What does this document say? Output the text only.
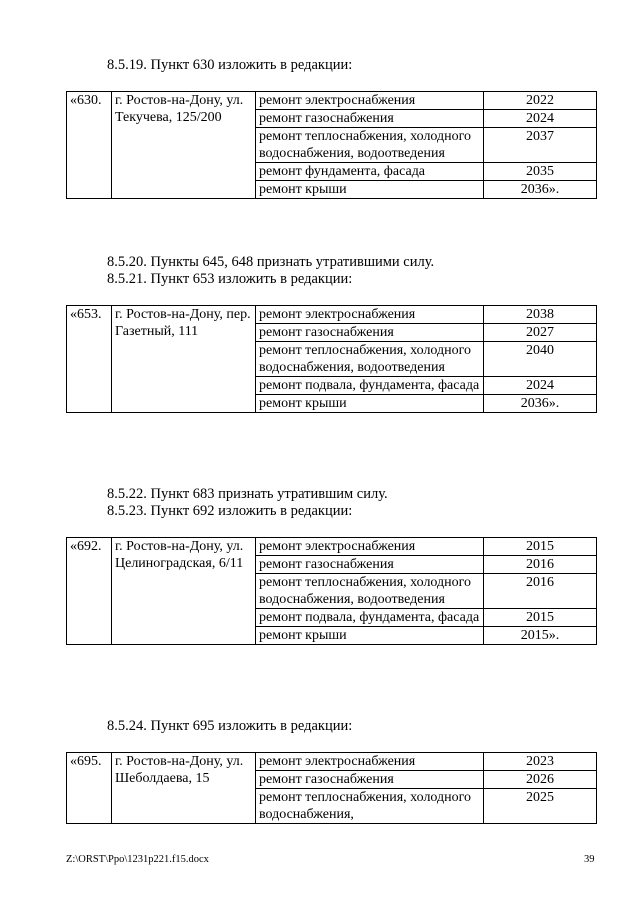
8.5.19. Пункт 630 изложить в редакции:
«630.	г. Ростов-на-Дону, ул. Текучева, 125/200	ремонт электроснабжения	2022
		ремонт газоснабжения	2024
		ремонт теплоснабжения, холодного водоснабжения, водоотведения	2037
		ремонт фундамента, фасада	2035
		ремонт крыши	2036».
8.5.20. Пункты 645, 648 признать утратившими силу.
8.5.21. Пункт 653 изложить в редакции:
«653.	г. Ростов-на-Дону, пер. Газетный, 111	ремонт электроснабжения	2038
		ремонт газоснабжения	2027
		ремонт теплоснабжения, холодного водоснабжения, водоотведения	2040
		ремонт подвала, фундамента, фасада	2024
		ремонт крыши	2036».
8.5.22. Пункт 683 признать утратившим силу.
8.5.23. Пункт 692 изложить в редакции:
«692.	г. Ростов-на-Дону, ул. Целиноградская, 6/11	ремонт электроснабжения	2015
		ремонт газоснабжения	2016
		ремонт теплоснабжения, холодного водоснабжения, водоотведения	2016
		ремонт подвала, фундамента, фасада	2015
		ремонт крыши	2015».
8.5.24. Пункт 695 изложить в редакции:
«695.	г. Ростов-на-Дону, ул. Шеболдаева, 15	ремонт электроснабжения	2023
		ремонт газоснабжения	2026
		ремонт теплоснабжения, холодного водоснабжения,	2025
Z:\ORST\Ppo\1231p221.f15.docx	39
